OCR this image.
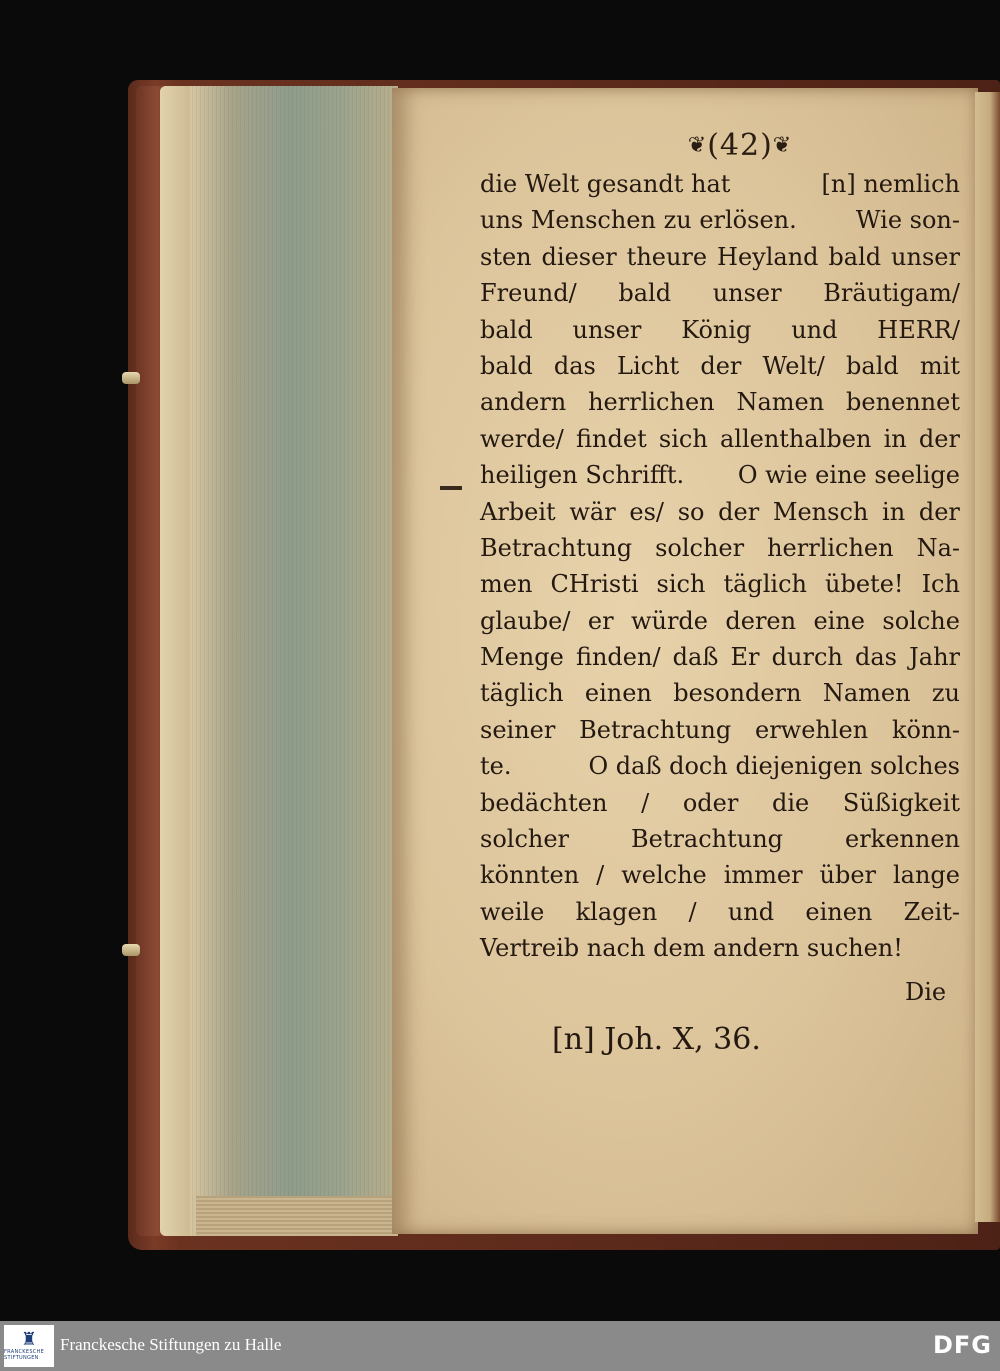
❦(42)❦
die Welt gesandt hat	[n] nemlich
uns Menschen zu erlösen. Wie son-
sten dieser theure Heyland bald unser
Freund/ bald unser Bräutigam/
bald unser König und HERR/
bald das Licht der Welt/ bald mit
andern herrlichen Namen benennet
werde/ findet sich allenthalben in der
heiligen Schrifft. O wie eine seelige
Arbeit wär es/ so der Mensch in der
Betrachtung solcher herrlichen Na-
men CHristi sich täglich übete! Ich
glaube/ er würde deren eine solche
Menge finden/ daß Er durch das Jahr
täglich einen besondern Namen zu
seiner Betrachtung erwehlen könn-
te.	O daß doch diejenigen solches
bedächten / oder die Süßigkeit
solcher	Betrachtung	erkennen
könnten / welche immer über lange
weile klagen / und einen Zeit-
Vertreib nach dem andern suchen!
Die
[n] Joh. X, 36.
♜
FRANCKESCHE STIFTUNGEN
Franckesche Stiftungen zu Halle	DFG
